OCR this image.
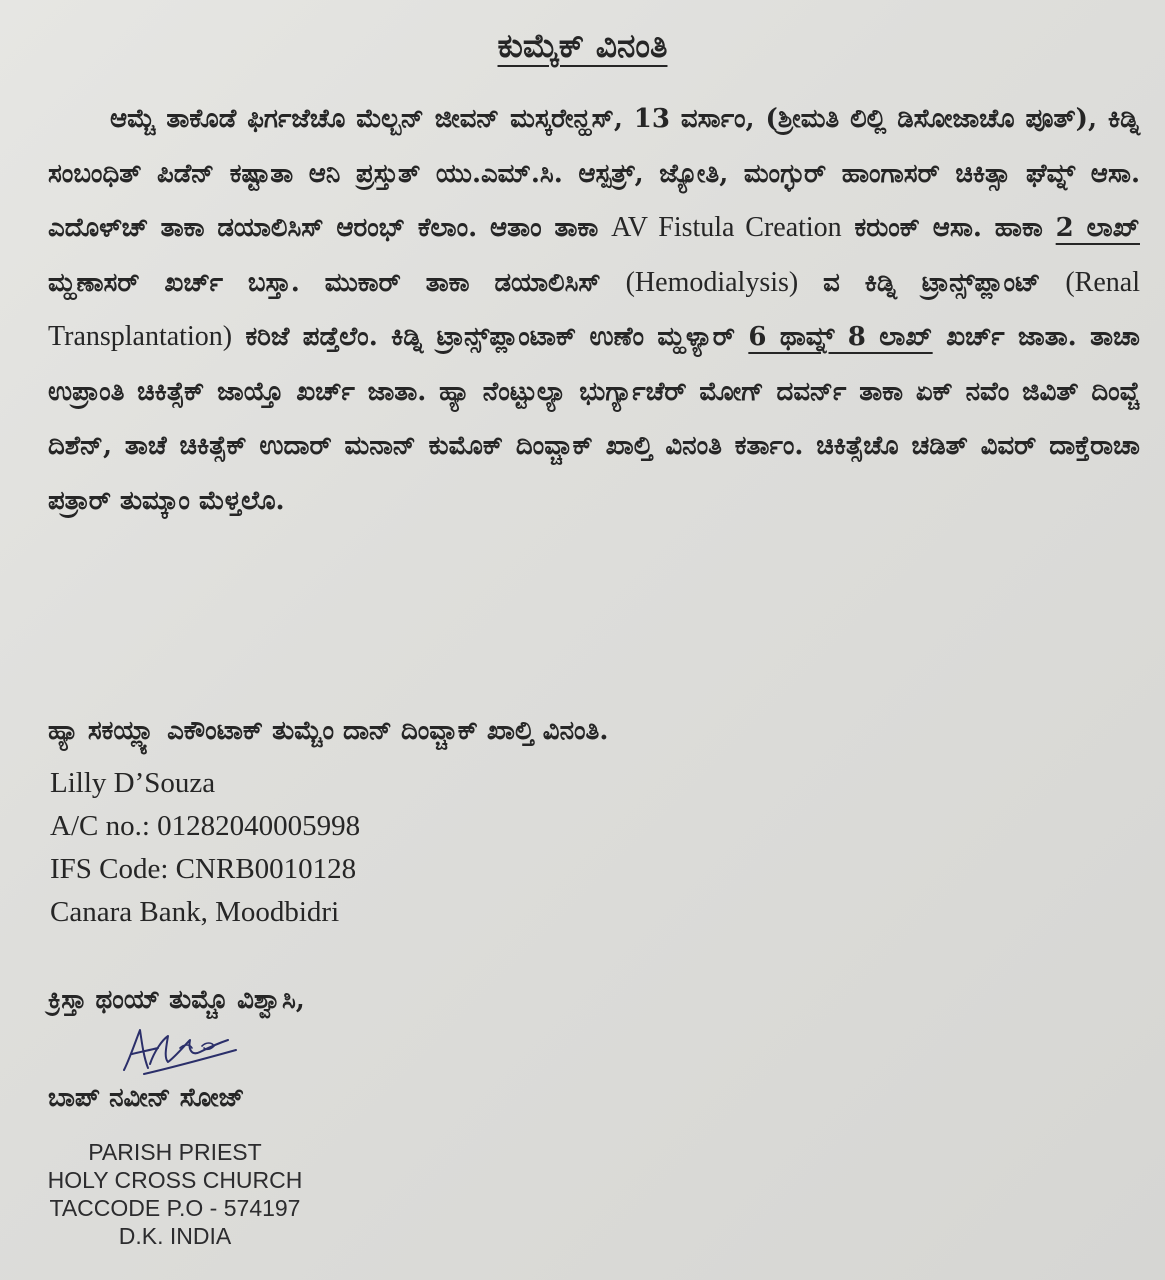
ಕುಮ್ಕೆಕ್ ವಿನಂತಿ
ಆಮ್ಚೆ ತಾಕೊಡೆ ಫಿರ್ಗಜೆಚೊ ಮೆಲ್ಬನ್ ಜೀವನ್ ಮಸ್ಕರೇನ್ಹಸ್, 13 ವರ್ಸಾಂ, (ಶ್ರೀಮತಿ ಲಿಲ್ಲಿ ಡಿಸೋಜಾಚೊ ಪೂತ್), ಕಿಡ್ನಿ ಸಂಬಂಧಿತ್ ಪಿಡೆನ್ ಕಷ್ಟಾತಾ ಆನಿ ಪ್ರಸ್ತುತ್ ಯು.ಎಮ್.ಸಿ. ಆಸ್ಪತ್ರ್, ಜ್ಯೋತಿ, ಮಂಗ್ಳುರ್ ಹಾಂಗಾಸರ್ ಚಿಕಿತ್ಸಾ ಘೆವ್ನ್ ಆಸಾ. ಎದೊಳ್‌ಚ್ ತಾಕಾ ಡಯಾಲಿಸಿಸ್ ಆರಂಭ್ ಕೆಲಾಂ. ಆತಾಂ ತಾಕಾ AV Fistula Creation ಕರುಂಕ್ ಆಸಾ. ಹಾಕಾ 2 ಲಾಖ್ ಮ್ಹಣಾಸರ್ ಖರ್ಚ್ ಬಸ್ತಾ. ಮುಕಾರ್ ತಾಕಾ ಡಯಾಲಿಸಿಸ್ (Hemodialysis) ವ ಕಿಡ್ನಿ ಟ್ರಾನ್ಸ್‌ಪ್ಲಾಂಟ್ (Renal Transplantation) ಕರಿಜೆ ಪಡ್ತೆಲೆಂ. ಕಿಡ್ನಿ ಟ್ರಾನ್ಸ್‌ಪ್ಲಾಂಟಾಕ್ ಉಣೆಂ ಮ್ಹಳ್ಯಾರ್ 6 ಥಾವ್ನ್ 8 ಲಾಖ್ ಖರ್ಚ್ ಜಾತಾ. ತಾಚಾ ಉಪ್ರಾಂತಿ ಚಿಕಿತ್ಸೆಕ್ ಜಾಯ್ತೊ ಖರ್ಚ್ ಜಾತಾ. ಹ್ಯಾ ನೆಂಟ್ಟುಲ್ಯಾ ಭುರ್ಗ್ಯಾಚೆರ್ ಮೋಗ್ ದವರ್ನ್ ತಾಕಾ ಏಕ್ ನವೆಂ ಜಿವಿತ್ ದಿಂವ್ಚೆ ದಿಶೆನ್, ತಾಚೆ ಚಿಕಿತ್ಸೆಕ್ ಉದಾರ್ ಮನಾನ್ ಕುಮೊಕ್ ದಿಂವ್ಚಾಕ್ ಖಾಲ್ತಿ ವಿನಂತಿ ಕರ್ತಾಂ. ಚಿಕಿತ್ಸೆಚೊ ಚಡಿತ್ ವಿವರ್ ದಾಕ್ತೆರಾಚಾ ಪತ್ರಾರ್ ತುಮ್ಕಾಂ ಮೆಳ್ತಲೊ.
ಹ್ಯಾ ಸಕಯ್ಲ್ಯಾ ಎಕೌಂಟಾಕ್ ತುಮ್ಚೆಂ ದಾನ್ ದಿಂವ್ಚಾಕ್ ಖಾಲ್ತಿ ವಿನಂತಿ.
Lilly D’Souza
A/C no.: 01282040005998
IFS Code: CNRB0010128
Canara Bank, Moodbidri
ಕ್ರಿಸ್ತಾ ಥಂಯ್ ತುಮ್ಚೊ ವಿಶ್ವಾಸಿ,
ಬಾಪ್ ನವೀನ್ ಸೋಜ್
PARISH PRIEST
HOLY CROSS CHURCH
TACCODE P.O - 574197
D.K. INDIA
